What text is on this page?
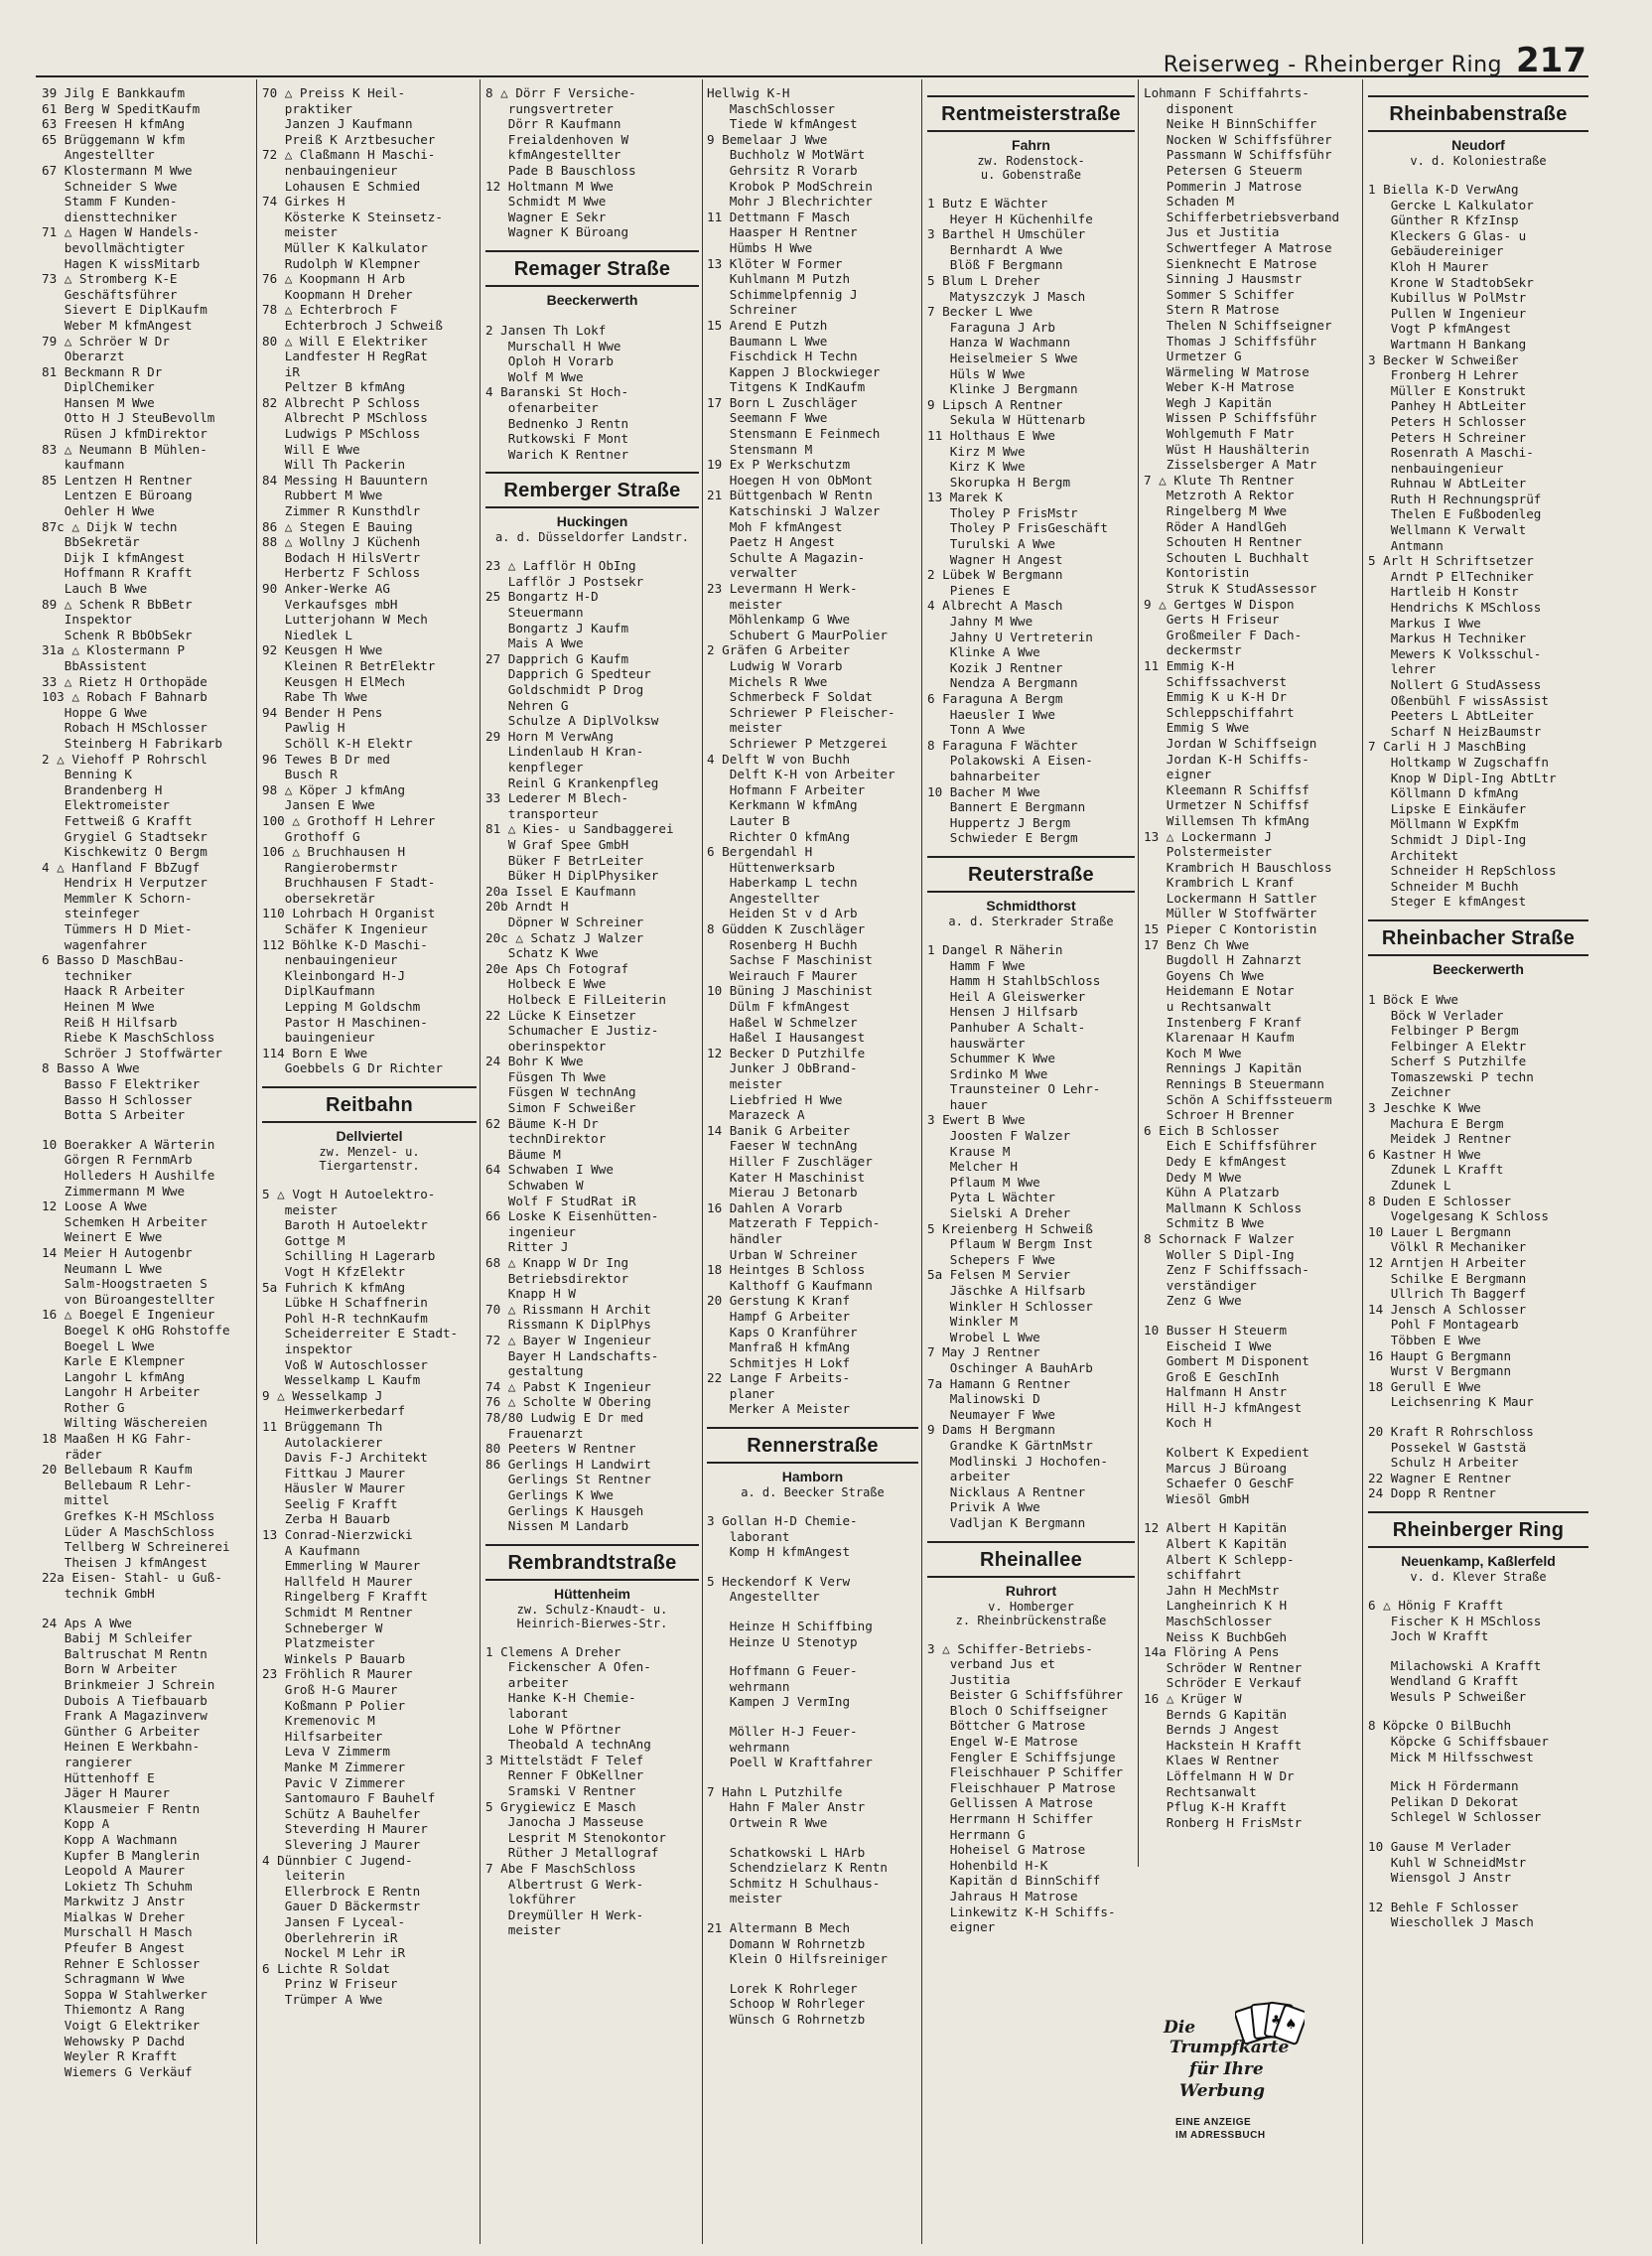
Reiserweg - Rheinberger Ring 217
39 Jilg E Bankkaufm
61 Berg W SpeditKaufm
63 Freesen H kfmAng
65 Brüggemann W kfm
Angestellter
67 Klostermann M Wwe
Schneider S Wwe
Stamm F Kunden-
diensttechniker
71 △ Hagen W Handels-
bevollmächtigter
Hagen K wissMitarb
73 △ Stromberg K-E
Geschäftsführer
Sievert E DiplKaufm
Weber M kfmAngest
79 △ Schröer W Dr
Oberarzt
81 Beckmann R Dr
DiplChemiker
Hansen M Wwe
Otto H J SteuBevollm
Rüsen J kfmDirektor
83 △ Neumann B Mühlen-
kaufmann
85 Lentzen H Rentner
Lentzen E Büroang
Oehler H Wwe
87c △ Dijk W techn
BbSekretär
Dijk I kfmAngest
Hoffmann R Krafft
Lauch B Wwe
89 △ Schenk R BbBetr
Inspektor
Schenk R BbObSekr
31a △ Klostermann P
BbAssistent
33 △ Rietz H Orthopäde
103 △ Robach F Bahnarb
Hoppe G Wwe
Robach H MSchlosser
Steinberg H Fabrikarb
2 △ Viehoff P Rohrschl
Benning K
Brandenberg H
Elektromeister
Fettweiß G Krafft
Grygiel G Stadtsekr
Kischkewitz O Bergm
4 △ Hanfland F BbZugf
Hendrix H Verputzer
Memmler K Schorn-
steinfeger
Tümmers H D Miet-
wagenfahrer
6 Basso D MaschBau-
techniker
Haack R Arbeiter
Heinen M Wwe
Reiß H Hilfsarb
Riebe K MaschSchloss
Schröer J Stoffwärter
8 Basso A Wwe
Basso F Elektriker
Basso H Schlosser
Botta S Arbeiter
10 Boerakker A Wärterin
Görgen R FernmArb
Holleders H Aushilfe
Zimmermann M Wwe
12 Loose A Wwe
Schemken H Arbeiter
Weinert E Wwe
14 Meier H Autogenbr
Neumann L Wwe
Salm-Hoogstraeten S
von Büroangestellter
16 △ Boegel E Ingenieur
Boegel K oHG Rohstoffe
Boegel L Wwe
Karle E Klempner
Langohr L kfmAng
Langohr H Arbeiter
Rother G
Wilting Wäschereien
18 Maaßen H KG Fahr-
räder
20 Bellebaum R Kaufm
Bellebaum R Lehr-
mittel
Grefkes K-H MSchloss
Lüder A MaschSchloss
Tellberg W Schreinerei
Theisen J kfmAngest
22a Eisen- Stahl- u Guß-
technik GmbH
24 Aps A Wwe
Babij M Schleifer
Baltruschat M Rentn
Born W Arbeiter
Brinkmeier J Schrein
Dubois A Tiefbauarb
Frank A Magazinverw
Günther G Arbeiter
Heinen E Werkbahn-
rangierer
Hüttenhoff E
Jäger H Maurer
Klausmeier F Rentn
Kopp A
Kopp A Wachmann
Kupfer B Manglerin
Leopold A Maurer
Lokietz Th Schuhm
Markwitz J Anstr
Mialkas W Dreher
Murschall H Masch
Pfeufer B Angest
Rehner E Schlosser
Schragmann W Wwe
Soppa W Stahlwerker
Thiemontz A Rang
Voigt G Elektriker
Wehowsky P Dachd
Weyler R Krafft
Wiemers G Verkäuf
70 △ Preiss K Heil-
praktiker
Janzen J Kaufmann
Preiß K Arztbesucher
72 △ Claßmann H Maschi-
nenbauingenieur
Lohausen E Schmied
74 Girkes H
Kösterke K Steinsetz-
meister
Müller K Kalkulator
Rudolph W Klempner
76 △ Koopmann H Arb
Koopmann H Dreher
78 △ Echterbroch F
Echterbroch J Schweiß
80 △ Will E Elektriker
Landfester H RegRat
iR
Peltzer B kfmAng
82 Albrecht P Schloss
Albrecht P MSchloss
Ludwigs P MSchloss
Will E Wwe
Will Th Packerin
84 Messing H Bauuntern
Rubbert M Wwe
Zimmer R Kunsthdlr
86 △ Stegen E Bauing
88 △ Wollny J Küchenh
Bodach H HilsVertr
Herbertz F Schloss
90 Anker-Werke AG
Verkaufsges mbH
Lutterjohann W Mech
Niedlek L
92 Keusgen H Wwe
Kleinen R BetrElektr
Keusgen H ElMech
Rabe Th Wwe
94 Bender H Pens
Pawlig H
Schöll K-H Elektr
96 Tewes B Dr med
Busch R
98 △ Köper J kfmAng
Jansen E Wwe
100 △ Grothoff H Lehrer
Grothoff G
106 △ Bruchhausen H
Rangierobermstr
Bruchhausen F Stadt-
obersekretär
110 Lohrbach H Organist
Schäfer K Ingenieur
112 Böhlke K-D Maschi-
nenbauingenieur
Kleinbongard H-J
DiplKaufmann
Lepping M Goldschm
Pastor H Maschinen-
bauingenieur
114 Born E Wwe
Goebbels G Dr Richter
Reitbahn
Dellviertel
zw. Menzel- u.
Tiergartenstr.
5 △ Vogt H Autoelektro-
meister
Baroth H Autoelektr
Gottge M
Schilling H Lagerarb
Vogt H KfzElektr
5a Fuhrich K kfmAng
Lübke H Schaffnerin
Pohl H-R technKaufm
Scheiderreiter E Stadt-
inspektor
Voß W Autoschlosser
Wesselkamp L Kaufm
9 △ Wesselkamp J
Heimwerkerbedarf
11 Brüggemann Th
Autolackierer
Davis F-J Architekt
Fittkau J Maurer
Häusler W Maurer
Seelig F Krafft
Zerba H Bauarb
13 Conrad-Nierzwicki
A Kaufmann
Emmerling W Maurer
Hallfeld H Maurer
Ringelberg F Krafft
Schmidt M Rentner
Schneberger W
Platzmeister
Winkels P Bauarb
23 Fröhlich R Maurer
Groß H-G Maurer
Koßmann P Polier
Kremenovic M
Hilfsarbeiter
Leva V Zimmerm
Manke M Zimmerer
Pavic V Zimmerer
Santomauro F Bauhelf
Schütz A Bauhelfer
Steverding H Maurer
Slevering J Maurer
4 Dünnbier C Jugend-
leiterin
Ellerbrock E Rentn
Gauer D Bäckermstr
Jansen F Lyceal-
Oberlehrerin iR
Nockel M Lehr iR
6 Lichte R Soldat
Prinz W Friseur
Trümper A Wwe
8 △ Dörr F Versiche-
rungsvertreter
Dörr R Kaufmann
Freialdenhoven W
kfmAngestellter
Pade B Bauschloss
12 Holtmann M Wwe
Schmidt M Wwe
Wagner E Sekr
Wagner K Büroang
Remager Straße
Beeckerwerth
2 Jansen Th Lokf
Murschall H Wwe
Oploh H Vorarb
Wolf M Wwe
4 Baranski St Hoch-
ofenarbeiter
Bednenko J Rentn
Rutkowski F Mont
Warich K Rentner
Remberger Straße
Huckingen
a. d. Düsseldorfer Landstr.
23 △ Lafflör H ObIng
Lafflör J Postsekr
25 Bongartz H-D
Steuermann
Bongartz J Kaufm
Mais A Wwe
27 Dapprich G Kaufm
Dapprich G Spedteur
Goldschmidt P Drog
Nehren G
Schulze A DiplVolksw
29 Horn M VerwAng
Lindenlaub H Kran-
kenpfleger
Reinl G Krankenpfleg
33 Lederer M Blech-
transporteur
81 △ Kies- u Sandbaggerei
W Graf Spee GmbH
Büker F BetrLeiter
Büker H DiplPhysiker
20a Issel E Kaufmann
20b Arndt H
Döpner W Schreiner
20c △ Schatz J Walzer
Schatz K Wwe
20e Aps Ch Fotograf
Holbeck E Wwe
Holbeck E FilLeiterin
22 Lücke K Einsetzer
Schumacher E Justiz-
oberinspektor
24 Bohr K Wwe
Füsgen Th Wwe
Füsgen W technAng
Simon F Schweißer
62 Bäume K-H Dr
technDirektor
Bäume M
64 Schwaben I Wwe
Schwaben W
Wolf F StudRat iR
66 Loske K Eisenhütten-
ingenieur
Ritter J
68 △ Knapp W Dr Ing
Betriebsdirektor
Knapp H W
70 △ Rissmann H Archit
Rissmann K DiplPhys
72 △ Bayer W Ingenieur
Bayer H Landschafts-
gestaltung
74 △ Pabst K Ingenieur
76 △ Scholte W Obering
78/80 Ludwig E Dr med
Frauenarzt
80 Peeters W Rentner
86 Gerlings H Landwirt
Gerlings St Rentner
Gerlings K Wwe
Gerlings K Hausgeh
Nissen M Landarb
Rembrandtstraße
Hüttenheim
zw. Schulz-Knaudt- u.
Heinrich-Bierwes-Str.
1 Clemens A Dreher
Fickenscher A Ofen-
arbeiter
Hanke K-H Chemie-
laborant
Lohe W Pförtner
Theobald A technAng
3 Mittelstädt F Telef
Renner F ObKellner
Sramski V Rentner
5 Grygiewicz E Masch
Janocha J Masseuse
Lesprit M Stenokontor
Rüther J Metallograf
7 Abe F MaschSchloss
Albertrust G Werk-
lokführer
Dreymüller H Werk-
meister
Hellwig K-H
MaschSchlosser
Tiede W kfmAngest
9 Bemelaar J Wwe
Buchholz W MotWärt
Gehrsitz R Vorarb
Krobok P ModSchrein
Mohr J Blechrichter
11 Dettmann F Masch
Haasper H Rentner
Hümbs H Wwe
13 Klöter W Former
Kuhlmann M Putzh
Schimmelpfennig J
Schreiner
15 Arend E Putzh
Baumann L Wwe
Fischdick H Techn
Kappen J Blockwieger
Titgens K IndKaufm
17 Born L Zuschläger
Seemann F Wwe
Stensmann E Feinmech
Stensmann M
19 Ex P Werkschutzm
Hoegen H von ObMont
21 Büttgenbach W Rentn
Katschinski J Walzer
Moh F kfmAngest
Paetz H Angest
Schulte A Magazin-
verwalter
23 Levermann H Werk-
meister
Möhlenkamp G Wwe
Schubert G MaurPolier
2 Gräfen G Arbeiter
Ludwig W Vorarb
Michels R Wwe
Schmerbeck F Soldat
Schriewer P Fleischer-
meister
Schriewer P Metzgerei
4 Delft W von Buchh
Delft K-H von Arbeiter
Hofmann F Arbeiter
Kerkmann W kfmAng
Lauter B
Richter O kfmAng
6 Bergendahl H
Hüttenwerksarb
Haberkamp L techn
Angestellter
Heiden St v d Arb
8 Güdden K Zuschläger
Rosenberg H Buchh
Sachse F Maschinist
Weirauch F Maurer
10 Büning J Maschinist
Dülm F kfmAngest
Haßel W Schmelzer
Haßel I Hausangest
12 Becker D Putzhilfe
Junker J ObBrand-
meister
Liebfried H Wwe
Marazeck A
14 Banik G Arbeiter
Faeser W technAng
Hiller F Zuschläger
Kater H Maschinist
Mierau J Betonarb
16 Dahlen A Vorarb
Matzerath F Teppich-
händler
Urban W Schreiner
18 Heintges B Schloss
Kalthoff G Kaufmann
20 Gerstung K Kranf
Hampf G Arbeiter
Kaps O Kranführer
Manfraß H kfmAng
Schmitjes H Lokf
22 Lange F Arbeits-
planer
Merker A Meister
Rennerstraße
Hamborn
a. d. Beecker Straße
3 Gollan H-D Chemie-
laborant
Komp H kfmAngest
5 Heckendorf K Verw
Angestellter
Heinze H Schiffbing
Heinze U Stenotyp
Hoffmann G Feuer-
wehrmann
Kampen J VermIng
Möller H-J Feuer-
wehrmann
Poell W Kraftfahrer
7 Hahn L Putzhilfe
Hahn F Maler Anstr
Ortwein R Wwe
Schatkowski L HArb
Schendzielarz K Rentn
Schmitz H Schulhaus-
meister
21 Altermann B Mech
Domann W Rohrnetzb
Klein O Hilfsreiniger
Lorek K Rohrleger
Schoop W Rohrleger
Wünsch G Rohrnetzb
Rentmeisterstraße
Fahrn
zw. Rodenstock-
u. Gobenstraße
1 Butz E Wächter
Heyer H Küchenhilfe
3 Barthel H Umschüler
Bernhardt A Wwe
Blöß F Bergmann
5 Blum L Dreher
Matyszczyk J Masch
7 Becker L Wwe
Faraguna J Arb
Hanza W Wachmann
Heiselmeier S Wwe
Hüls W Wwe
Klinke J Bergmann
9 Lipsch A Rentner
Sekula W Hüttenarb
11 Holthaus E Wwe
Kirz M Wwe
Kirz K Wwe
Skorupka H Bergm
13 Marek K
Tholey P FrisMstr
Tholey P FrisGeschäft
Turulski A Wwe
Wagner H Angest
2 Lübek W Bergmann
Pienes E
4 Albrecht A Masch
Jahny M Wwe
Jahny U Vertreterin
Klinke A Wwe
Kozik J Rentner
Nendza A Bergmann
6 Faraguna A Bergm
Haeusler I Wwe
Tonn A Wwe
8 Faraguna F Wächter
Polakowski A Eisen-
bahnarbeiter
10 Bacher M Wwe
Bannert E Bergmann
Huppertz J Bergm
Schwieder E Bergm
Reuterstraße
Schmidthorst
a. d. Sterkrader Straße
1 Dangel R Näherin
Hamm F Wwe
Hamm H StahlbSchloss
Heil A Gleiswerker
Hensen J Hilfsarb
Panhuber A Schalt-
hauswärter
Schummer K Wwe
Srdinko M Wwe
Traunsteiner O Lehr-
hauer
3 Ewert B Wwe
Joosten F Walzer
Krause M
Melcher H
Pflaum M Wwe
Pyta L Wächter
Sielski A Dreher
5 Kreienberg H Schweiß
Pflaum W Bergm Inst
Schepers F Wwe
5a Felsen M Servier
Jäschke A Hilfsarb
Winkler H Schlosser
Winkler M
Wrobel L Wwe
7 May J Rentner
Oschinger A BauhArb
7a Hamann G Rentner
Malinowski D
Neumayer F Wwe
9 Dams H Bergmann
Grandke K GärtnMstr
Modlinski J Hochofen-
arbeiter
Nicklaus A Rentner
Privik A Wwe
Vadljan K Bergmann
Rheinallee
Ruhrort
v. Homberger
z. Rheinbrückenstraße
3 △ Schiffer-Betriebs-
verband Jus et
Justitia
Beister G Schiffsführer
Bloch O Schiffseigner
Böttcher G Matrose
Engel W-E Matrose
Fengler E Schiffsjunge
Fleischhauer P Schiffer
Fleischhauer P Matrose
Gellissen A Matrose
Herrmann H Schiffer
Herrmann G
Hoheisel G Matrose
Hohenbild H-K
Kapitän d BinnSchiff
Jahraus H Matrose
Linkewitz K-H Schiffs-
eigner
Lohmann F Schiffahrts-
disponent
Neike H BinnSchiffer
Nocken W Schiffsführer
Passmann W Schiffsführ
Petersen G Steuerm
Pommerin J Matrose
Schaden M
Schifferbetriebsverband
Jus et Justitia
Schwertfeger A Matrose
Sienknecht E Matrose
Sinning J Hausmstr
Sommer S Schiffer
Stern R Matrose
Thelen N Schiffseigner
Thomas J Schiffsführ
Urmetzer G
Wärmeling W Matrose
Weber K-H Matrose
Wegh J Kapitän
Wissen P Schiffsführ
Wohlgemuth F Matr
Wüst H Haushälterin
Zisselsberger A Matr
7 △ Klute Th Rentner
Metzroth A Rektor
Ringelberg M Wwe
Röder A HandlGeh
Schouten H Rentner
Schouten L Buchhalt
Kontoristin
Struk K StudAssessor
9 △ Gertges W Dispon
Gerts H Friseur
Großmeiler F Dach-
deckermstr
11 Emmig K-H
Schiffssachverst
Emmig K u K-H Dr
Schleppschiffahrt
Emmig S Wwe
Jordan W Schiffseign
Jordan K-H Schiffs-
eigner
Kleemann R Schiffsf
Urmetzer N Schiffsf
Willemsen Th kfmAng
13 △ Lockermann J
Polstermeister
Krambrich H Bauschloss
Krambrich L Kranf
Lockermann H Sattler
Müller W Stoffwärter
15 Pieper C Kontoristin
17 Benz Ch Wwe
Bugdoll H Zahnarzt
Goyens Ch Wwe
Heidemann E Notar
u Rechtsanwalt
Instenberg F Kranf
Klarenaar H Kaufm
Koch M Wwe
Rennings J Kapitän
Rennings B Steuermann
Schön A Schiffssteuerm
Schroer H Brenner
6 Eich B Schlosser
Eich E Schiffsführer
Dedy E kfmAngest
Dedy M Wwe
Kühn A Platzarb
Mallmann K Schloss
Schmitz B Wwe
8 Schornack F Walzer
Woller S Dipl-Ing
Zenz F Schiffssach-
verständiger
Zenz G Wwe
10 Busser H Steuerm
Eischeid I Wwe
Gombert M Disponent
Groß E GeschInh
Halfmann H Anstr
Hill H-J kfmAngest
Koch H
Kolbert K Expedient
Marcus J Büroang
Schaefer O GeschF
Wiesöl GmbH
12 Albert H Kapitän
Albert K Kapitän
Albert K Schlepp-
schiffahrt
Jahn H MechMstr
Langheinrich K H
MaschSchlosser
Neiss K BuchbGeh
14a Flöring A Pens
Schröder W Rentner
Schröder E Verkauf
16 △ Krüger W
Bernds G Kapitän
Bernds J Angest
Hackstein H Krafft
Klaes W Rentner
Löffelmann H W Dr
Rechtsanwalt
Pflug K-H Krafft
Ronberg H FrisMstr
Rheinbabenstraße
Neudorf
v. d. Koloniestraße
1 Biella K-D VerwAng
Gercke L Kalkulator
Günther R KfzInsp
Kleckers G Glas- u
Gebäudereiniger
Kloh H Maurer
Krone W StadtobSekr
Kubillus W PolMstr
Pullen W Ingenieur
Vogt P kfmAngest
Wartmann H Bankang
3 Becker W Schweißer
Fronberg H Lehrer
Müller E Konstrukt
Panhey H AbtLeiter
Peters H Schlosser
Peters H Schreiner
Rosenrath A Maschi-
nenbauingenieur
Ruhnau W AbtLeiter
Ruth H Rechnungsprüf
Thelen E Fußbodenleg
Wellmann K Verwalt
Antmann
5 Arlt H Schriftsetzer
Arndt P ElTechniker
Hartleib H Konstr
Hendrichs K MSchloss
Markus I Wwe
Markus H Techniker
Mewers K Volksschul-
lehrer
Nollert G StudAssess
Oßenbühl F wissAssist
Peeters L AbtLeiter
Scharf N HeizBaumstr
7 Carli H J MaschBing
Holtkamp W Zugschaffn
Knop W Dipl-Ing AbtLtr
Köllmann D kfmAng
Lipske E Einkäufer
Möllmann W ExpKfm
Schmidt J Dipl-Ing
Architekt
Schneider H RepSchloss
Schneider M Buchh
Steger E kfmAngest
Rheinbacher Straße
Beeckerwerth
1 Böck E Wwe
Böck W Verlader
Felbinger P Bergm
Felbinger A Elektr
Scherf S Putzhilfe
Tomaszewski P techn
Zeichner
3 Jeschke K Wwe
Machura E Bergm
Meidek J Rentner
6 Kastner H Wwe
Zdunek L Krafft
Zdunek L
8 Duden E Schlosser
Vogelgesang K Schloss
10 Lauer L Bergmann
Völkl R Mechaniker
12 Arntjen H Arbeiter
Schilke E Bergmann
Ullrich Th Baggerf
14 Jensch A Schlosser
Pohl F Montagearb
Többen E Wwe
16 Haupt G Bergmann
Wurst V Bergmann
18 Gerull E Wwe
Leichsenring K Maur
20 Kraft R Rohrschloss
Possekel W Gaststä
Schulz H Arbeiter
22 Wagner E Rentner
24 Dopp R Rentner
Rheinberger Ring
Neuenkamp, Kaßlerfeld
v. d. Klever Straße
6 △ Hönig F Krafft
Fischer K H MSchloss
Joch W Krafft
Milachowski A Krafft
Wendland G Krafft
Wesuls P Schweißer
8 Köpcke O BilBuchh
Köpcke G Schiffsbauer
Mick M Hilfsschwest
Mick H Fördermann
Pelikan D Dekorat
Schlegel W Schlosser
10 Gause M Verlader
Kuhl W SchneidMstr
Wiensgol J Anstr
12 Behle F Schlosser
Wieschollek J Masch
♠
♣
Die
Trumpfkarte
für Ihre
Werbung
EINE ANZEIGE
IM ADRESSBUCH
